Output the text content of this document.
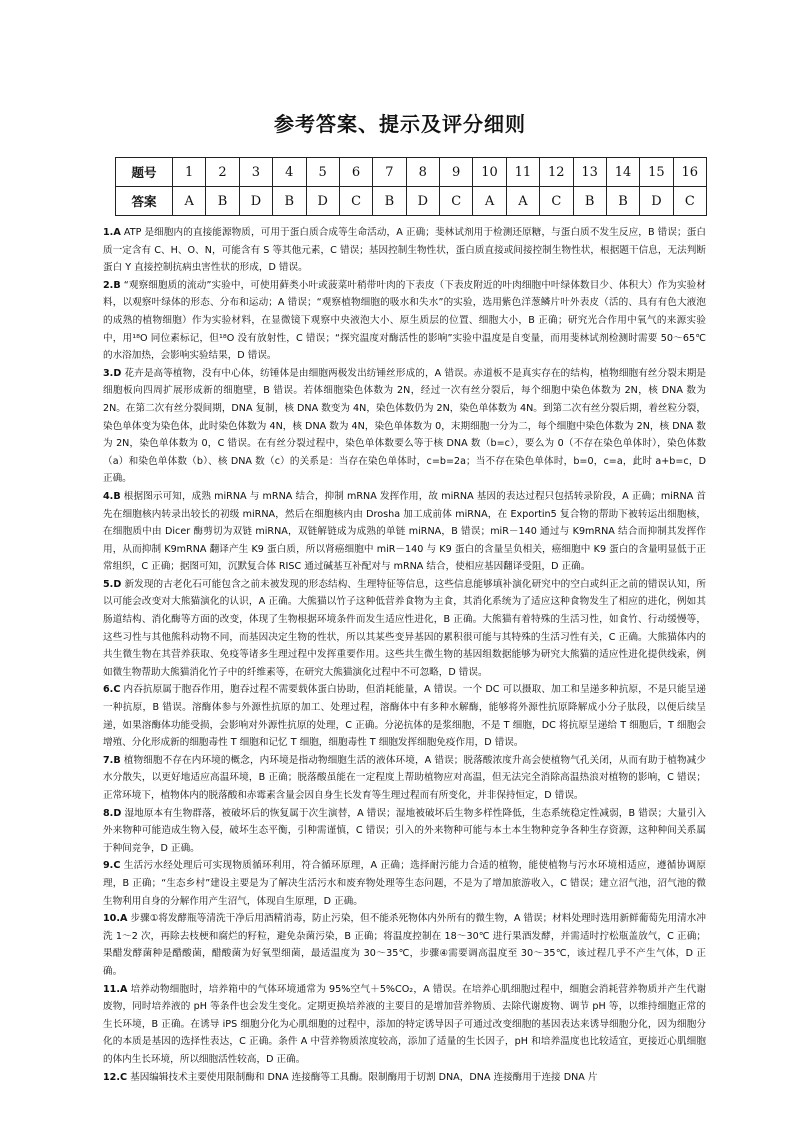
参考答案、提示及评分细则
题号	1	2	3	4	5	6	7	8	9	10	11	12	13	14	15	16
答案	A	B	D	B	D	C	B	D	C	A	A	C	B	B	D	C

1.A ATP 是细胞内的直接能源物质，可用于蛋白质合成等生命活动，A 正确；斐林试剂用于检测还原糖，与蛋白质不发生反应，B 错误；蛋白质一定含有 C、H、O、N，可能含有 S 等其他元素，C 错误；基因控制生物性状，蛋白质直接或间接控制生物性状，根据题干信息，无法判断蛋白 Y 直接控制抗病虫害性状的形成，D 错误。

2.B “观察细胞质的流动”实验中，可使用藓类小叶或菠菜叶稍带叶肉的下表皮（下表皮附近的叶肉细胞中叶绿体数目少、体积大）作为实验材料，以观察叶绿体的形态、分布和运动；A 错误；“观察植物细胞的吸水和失水”的实验，选用紫色洋葱鳞片叶外表皮（活的、具有有色大液泡的成熟的植物细胞）作为实验材料，在显微镜下观察中央液泡大小、原生质层的位置、细胞大小，B 正确；研究光合作用中氧气的来源实验中，用¹⁸O 同位素标记，但¹⁸O 没有放射性，C 错误；“探究温度对酶活性的影响”实验中温度是自变量，而用斐林试剂检测时需要 50～65℃ 的水浴加热，会影响实验结果，D 错误。

3.D 花卉是高等植物，没有中心体，纺锤体是由细胞两极发出纺锤丝形成的，A 错误。赤道板不是真实存在的结构，植物细胞有丝分裂末期是细胞板向四周扩展形成新的细胞壁，B 错误。若体细胞染色体数为 2N，经过一次有丝分裂后，每个细胞中染色体数为 2N，核 DNA 数为 2N。在第二次有丝分裂间期，DNA 复制，核 DNA 数变为 4N，染色体数仍为 2N，染色单体数为 4N。到第二次有丝分裂后期，着丝粒分裂，染色单体变为染色体，此时染色体数为 4N，核 DNA 数为 4N，染色单体数为 0，末期细胞一分为二，每个细胞中染色体数为 2N，核 DNA 数为 2N，染色单体数为 0，C 错误。在有丝分裂过程中，染色单体数要么等于核 DNA 数（b=c），要么为 0（不存在染色单体时），染色体数（a）和染色单体数（b）、核 DNA 数（c）的关系是：当存在染色单体时，c=b=2a；当不存在染色单体时，b=0，c=a，此时 a+b=c，D 正确。

4.B 根据图示可知，成熟 miRNA 与 mRNA 结合，抑制 mRNA 发挥作用，故 miRNA 基因的表达过程只包括转录阶段，A 正确；miRNA 首先在细胞核内转录出较长的初级 miRNA，然后在细胞核内由 Drosha 加工成前体 miRNA，在 Exportin5 复合物的帮助下被转运出细胞核，在细胞质中由 Dicer 酶剪切为双链 miRNA，双链解链成为成熟的单链 miRNA，B 错误；miR－140 通过与 K9mRNA 结合而抑制其发挥作用，从而抑制 K9mRNA 翻译产生 K9 蛋白质，所以肾癌细胞中 miR－140 与 K9 蛋白的含量呈负相关，癌细胞中 K9 蛋白的含量明显低于正常组织，C 正确；据图可知，沉默复合体 RISC 通过碱基互补配对与 mRNA 结合，使相应基因翻译受阻，D 正确。

5.D 新发现的古老化石可能包含之前未被发现的形态结构、生理特征等信息，这些信息能够填补演化研究中的空白或纠正之前的错误认知，所以可能会改变对大熊猫演化的认识，A 正确。大熊猫以竹子这种低营养食物为主食，其消化系统为了适应这种食物发生了相应的进化，例如其肠道结构、消化酶等方面的改变，体现了生物根据环境条件而发生适应性进化，B 正确。大熊猫有着特殊的生活习性，如食竹、行动缓慢等，这些习性与其他熊科动物不同，而基因决定生物的性状，所以其某些变异基因的累积很可能与其特殊的生活习性有关，C 正确。大熊猫体内的共生微生物在其营养获取、免疫等诸多生理过程中发挥重要作用。这些共生微生物的基因组数据能够为研究大熊猫的适应性进化提供线索，例如微生物帮助大熊猫消化竹子中的纤维素等，在研究大熊猫演化过程中不可忽略，D 错误。

6.C 内吞抗原属于胞吞作用，胞吞过程不需要载体蛋白协助，但消耗能量，A 错误。一个 DC 可以摄取、加工和呈递多种抗原，不是只能呈递一种抗原，B 错误。溶酶体参与外源性抗原的加工、处理过程，溶酶体中有多种水解酶，能够将外源性抗原降解成小分子肽段，以便后续呈递，如果溶酶体功能受损，会影响对外源性抗原的处理，C 正确。分泌抗体的是浆细胞，不是 T 细胞，DC 将抗原呈递给 T 细胞后，T 细胞会增殖、分化形成新的细胞毒性 T 细胞和记忆 T 细胞，细胞毒性 T 细胞发挥细胞免疫作用，D 错误。

7.B 植物细胞不存在内环境的概念，内环境是指动物细胞生活的液体环境，A 错误；脱落酸浓度升高会使植物气孔关闭，从而有助于植物减少水分散失，以更好地适应高温环境，B 正确；脱落酸虽能在一定程度上帮助植物应对高温，但无法完全消除高温热浪对植物的影响，C 错误；正常环境下，植物体内的脱落酸和赤霉素含量会因自身生长发育等生理过程而有所变化，并非保持恒定，D 错误。

8.D 湿地原本有生物群落，被破坏后的恢复属于次生演替，A 错误；湿地被破坏后生物多样性降低，生态系统稳定性减弱，B 错误；大量引入外来物种可能造成生物入侵，破坏生态平衡，引种需谨慎，C 错误；引入的外来物种可能与本土本生物种竞争各种生存资源，这种种间关系属于种间竞争，D 正确。

9.C 生活污水经处理后可实现物质循环利用，符合循环原理，A 正确；选择耐污能力合适的植物，能使植物与污水环境相适应，遵循协调原理，B 正确；“生态乡村”建设主要是为了解决生活污水和废弃物处理等生态问题，不是为了增加旅游收入，C 错误；建立沼气池，沼气池的微生物利用自身的分解作用产生沼气，体现自生原理，D 正确。

10.A 步骤①将发酵瓶等清洗干净后用酒精消毒，防止污染，但不能杀死物体内外所有的微生物，A 错误；材料处理时选用新鲜葡萄先用清水冲洗 1～2 次，再除去枝梗和腐烂的籽粒，避免杂菌污染，B 正确；将温度控制在 18～30℃ 进行果酒发酵，并需适时拧松瓶盖放气，C 正确；果醋发酵菌种是醋酸菌，醋酸菌为好氧型细菌，最适温度为 30～35℃，步骤④需要调高温度至 30～35℃，该过程几乎不产生气体，D 正确。

11.A 培养动物细胞时，培养箱中的气体环境通常为 95%空气＋5%CO₂，A 错误。在培养心肌细胞过程中，细胞会消耗营养物质并产生代谢废物，同时培养液的 pH 等条件也会发生变化。定期更换培养液的主要目的是增加营养物质、去除代谢废物、调节 pH 等，以维持细胞正常的生长环境，B 正确。在诱导 iPS 细胞分化为心肌细胞的过程中，添加的特定诱导因子可通过改变细胞的基因表达来诱导细胞分化，因为细胞分化的本质是基因的选择性表达，C 正确。条件 A 中营养物质浓度较高，添加了适量的生长因子，pH 和培养温度也比较适宜，更接近心肌细胞的体内生长环境，所以细胞活性较高，D 正确。

12.C 基因编辑技术主要使用限制酶和 DNA 连接酶等工具酶。限制酶用于切割 DNA，DNA 连接酶用于连接 DNA 片
